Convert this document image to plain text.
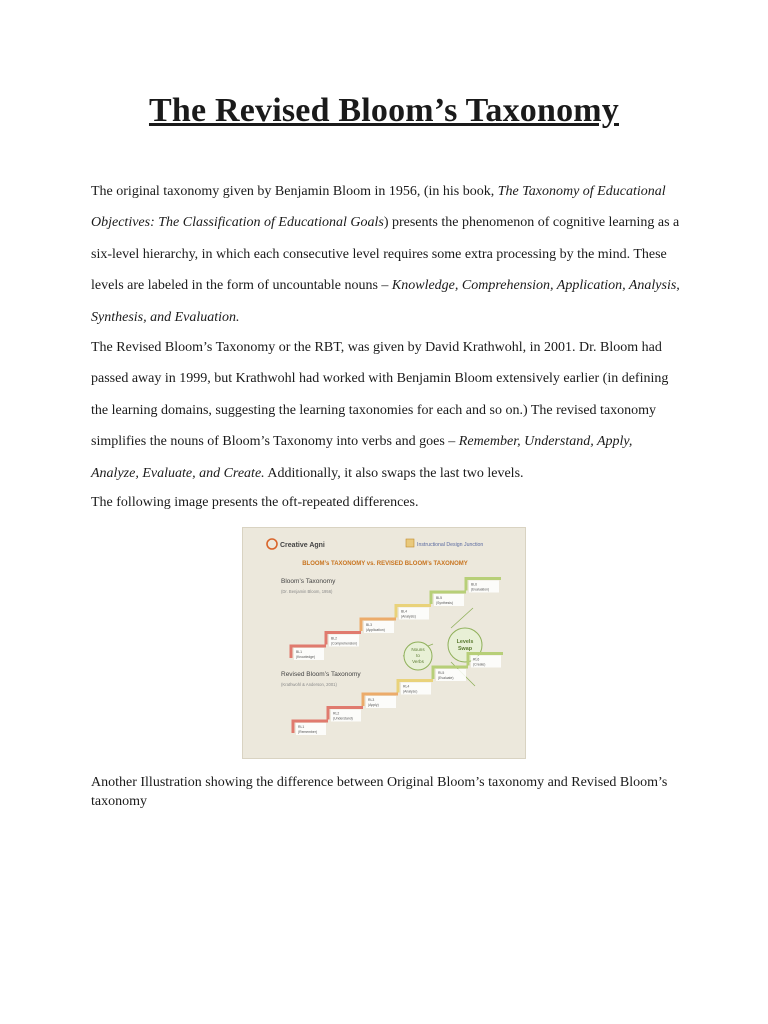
The Revised Bloom’s Taxonomy
The original taxonomy given by Benjamin Bloom in 1956, (in his book, The Taxonomy of Educational Objectives: The Classification of Educational Goals) presents the phenomenon of cognitive learning as a six-level hierarchy, in which each consecutive level requires some extra processing by the mind. These levels are labeled in the form of uncountable nouns – Knowledge, Comprehension, Application, Analysis, Synthesis, and Evaluation.
The Revised Bloom’s Taxonomy or the RBT, was given by David Krathwohl, in 2001. Dr. Bloom had passed away in 1999, but Krathwohl had worked with Benjamin Bloom extensively earlier (in defining the learning domains, suggesting the learning taxonomies for each and so on.) The revised taxonomy simplifies the nouns of Bloom’s Taxonomy into verbs and goes – Remember, Understand, Apply, Analyze, Evaluate, and Create. Additionally, it also swaps the last two levels.
The following image presents the oft-repeated differences.
Creative Agni	Instructional Design Junction
BLOOM’s TAXONOMY vs. REVISED BLOOM’s TAXONOMY
Bloom’s Taxonomy
(Dr. Benjamin Bloom, 1956)
Revised Bloom’s Taxonomy
(Krathwohl & Anderson, 2001)
Nouns
to
Verbs
Levels
Swap
BL1
(Knowledge)
BL2
(Comprehension)
BL3
(Application)
BL4
(Analysis)
BL5
(Synthesis)
BL6
(Evaluation)
RL1
(Remember)
RL2
(Understand)
RL3
(Apply)
RL4
(Analyze)
RL5
(Evaluate)
RL6
(Create)
Another Illustration showing the difference between Original Bloom’s taxonomy and Revised Bloom’s taxonomy
